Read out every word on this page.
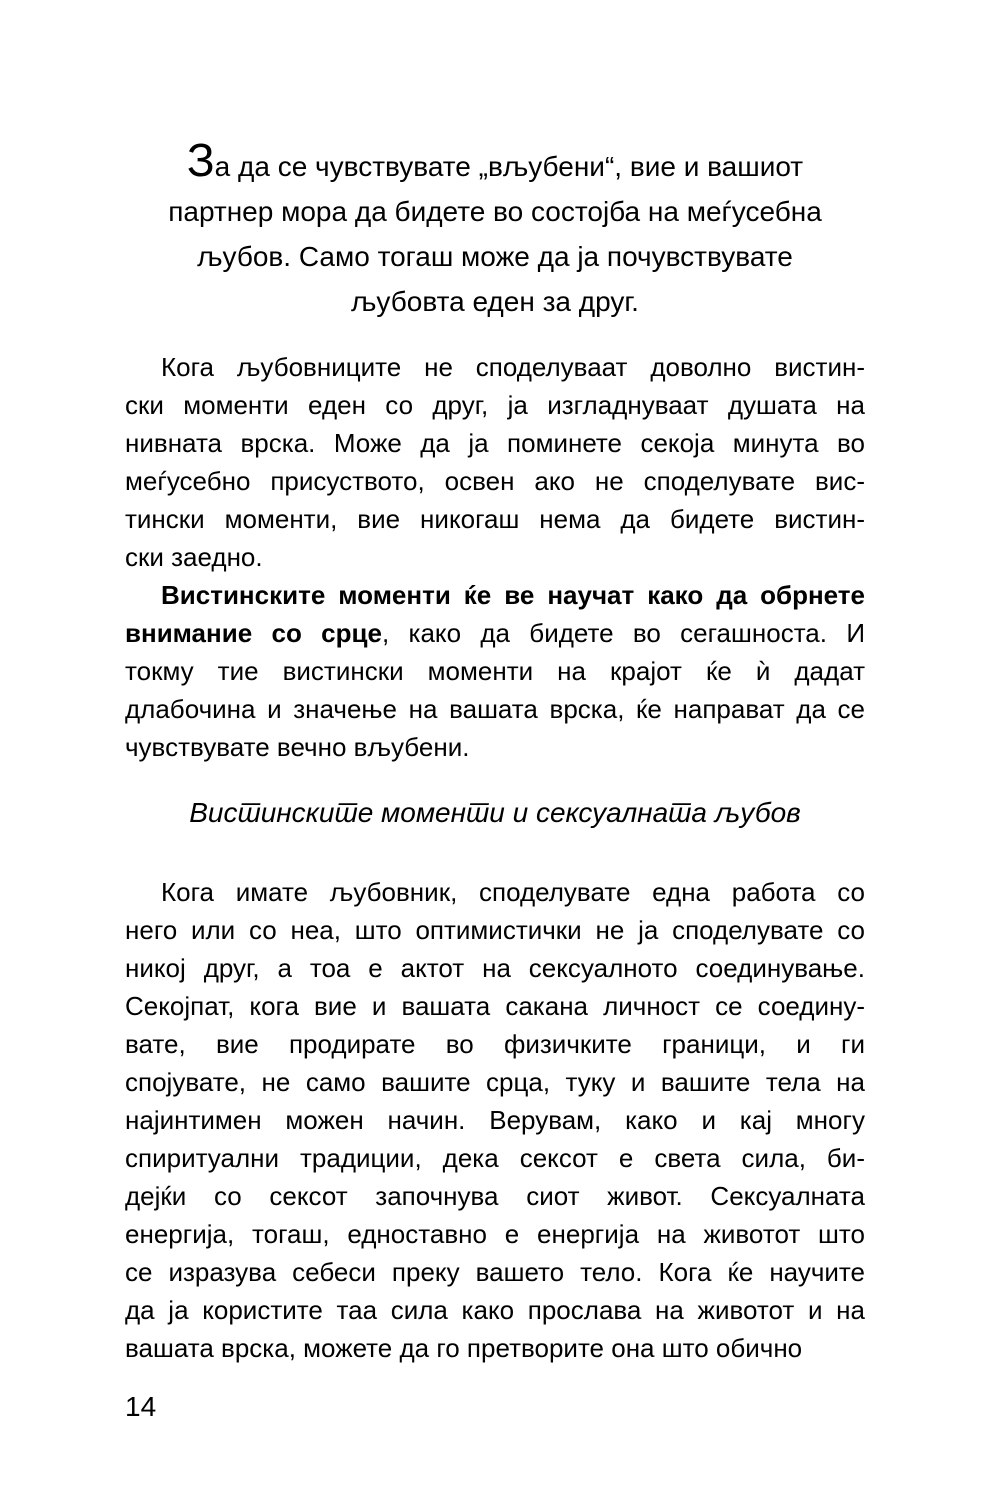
За да се чувствувате „вљубени“, вие и вашиот
партнер мора да бидете во состојба на меѓусебна
љубов. Само тогаш може да ја почувствувате
љубовта еден за друг.
Кога љубовниците не споделуваат доволно вистин-
ски моменти еден со друг, ја изгладнуваат душата на
нивната врска. Може да ја поминете секоја минута во
меѓусебно присуството, освен ако не споделувате вис-
тински моменти, вие никогаш нема да бидете вистин-
ски заедно.
Вистинските моменти ќе ве научат како да обрнете
внимание со срце, како да бидете во сегашноста. И
токму тие вистински моменти на крајот ќе ѝ дадат
длабочина и значење на вашата врска, ќе направат да се
чувствувате вечно вљубени.
Вистинските моменти и сексуалната љубов
Кога имате љубовник, споделувате една работа со
него или со неа, што оптимистички не ја споделувате со
никој друг, а тоа е актот на сексуалното соединување.
Секојпат, кога вие и вашата сакана личност се соедину-
вате, вие продирате во физичките граници, и ги
спојувате, не само вашите срца, туку и вашите тела на
најинтимен можен начин. Верувам, како и кај многу
спиритуални традиции, дека сексот е света сила, би-
дејќи со сексот започнува сиот живот. Сексуалната
енергија, тогаш, едноставно е енергија на животот што
се изразува себеси преку вашето тело. Кога ќе научите
да ја користите таа сила како прослава на животот и на
вашата врска, можете да го претворите она што обично
14
